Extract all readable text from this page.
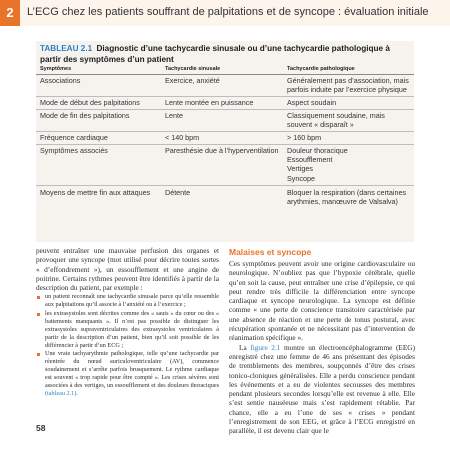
2	L’ECG chez les patients souffrant de palpitations et de syncope : évaluation initiale
TABLEAU 2.1 Diagnostic d’une tachycardie sinusale ou d’une tachycardie pathologique à partir des symptômes d’un patient
Symptômes	Tachycardie sinusale	Tachycardie pathologique
Associations	Exercice, anxiété	Généralement pas d’association, mais parfois induite par l’exercice physique
Mode de début des palpitations	Lente montée en puissance	Aspect soudain
Mode de fin des palpitations	Lente	Classiquement soudaine, mais souvent « disparaît »
Fréquence cardiaque	< 140 bpm	> 160 bpm
Symptômes associés	Paresthésie due à l’hyperventilation	Douleur thoracique
Essoufflement
Vertiges
Syncope
Moyens de mettre fin aux attaques	Détente	Bloquer la respiration (dans certaines arythmies, manœuvre de Valsalva)
Malaises et syncope
peuvent entraîner une mauvaise perfusion des organes et provoquer une syncope (mot utilisé pour décrire toutes sortes « d’effondrement »), un essoufflement et une angine de poitrine. Certains rythmes peuvent être identifiés à partir de la description du patient, par exemple :
un patient reconnaît une tachycardie sinusale parce qu’elle ressemble aux palpitations qu’il associe à l’anxiété ou à l’exercice ;
les extrasystoles sont décrites comme des « sauts » du cœur ou des « battements manquants ». Il n’est pas possible de distinguer les extrasystoles supraventriculaires des extrasystoles ventriculaires à partir de la description d’un patient, bien qu’il soit possible de les différencier à partir d’un ECG ;
Une vraie tachyarythmie pathologique, telle qu’une tachycardie par réentrée du nœud auriculoventriculaire (AV), commence soudainement et s’arrête parfois brusquement. Le rythme cardiaque est souvent « trop rapide pour être compté ». Les crises sévères sont associées à des vertiges, un essoufflement et des douleurs thoraciques (tableau 2.1).
Ces symptômes peuvent avoir une origine cardiovasculaire ou neurologique. N’oubliez pas que l’hypoxie cérébrale, quelle qu’en soit la cause, peut entraîner une crise d’épilepsie, ce qui peut rendre très difficile la différenciation entre syncope cardiaque et syncope neurologique. La syncope est définie comme « une perte de conscience transitoire caractérisée par une absence de réaction et une perte de tonus postural, avec récupération spontanée et ne nécessitant pas d’intervention de réanimation spécifique ».
La figure 2.1 montre un électroencéphalogramme (EEG) enregistré chez une femme de 46 ans présentant des épisodes de tremblements des membres, soupçonnés d’être des crises tonico-cloniques généralisées. Elle a perdu conscience pendant les événements et a eu de violentes secousses des membres pendant plusieurs secondes lorsqu’elle est revenue à elle. Elle s’est sentie nauséeuse mais s’est rapidement rétablie. Par chance, elle a eu l’une de ses « crises » pendant l’enregistrement de son EEG, et grâce à l’ECG enregistré en parallèle, il est devenu clair que le
58
